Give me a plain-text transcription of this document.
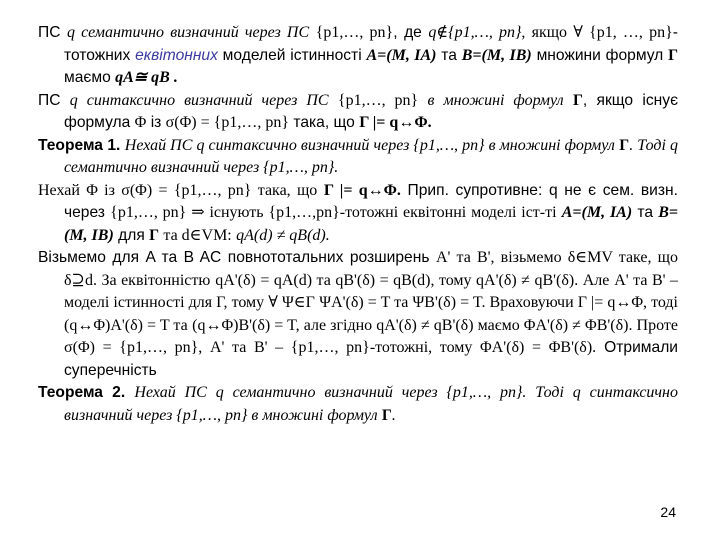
ПС q семантично визначний через ПС {p1,…, pn}, де q∉{p1,…, pn}, якщо ∀ {p1, …, pn}-тотожних еквітонних моделей істинності A=(M, IA) та B=(M, IB) множини формул Γ маємо qA≅ qB .

ПС q синтаксично визначний через ПС {p1,…, pn} в множині формул Γ, якщо існує формула Φ із σ(Φ) = {p1,…, pn} така, що Γ |= q↔Φ.

Теорема 1. Нехай ПС q синтаксично визначний через {p1,…, pn} в множині формул Γ. Тоді q семантично визначний через {p1,…, pn}.

Нехай Φ із σ(Φ) = {p1,…, pn} така, що Γ |= q↔Φ. Прип. супротивне: q не є сем. визн. через {p1,…, pn} ⇒ існують {p1,…,pn}-тотожні еквітонні моделі іст-ті A=(M, IA) та B=(M, IB) для Γ та d∈VM: qA(d) ≠ qB(d).

Візьмемо для A та B AC повнототальних розширень A' та B', візьмемо δ∈MV таке, що δ⊇d. За еквітонністю qA'(δ) = qA(d) та qB'(δ) = qB(d), тому qA'(δ) ≠ qB'(δ). Але A' та B' – моделі істинності для Γ, тому ∀ Ψ∈Γ ΨA'(δ) = T та ΨB'(δ) = T. Враховуючи Γ |= q↔Φ, тоді (q↔Φ)A'(δ) = T та (q↔Φ)B'(δ) = T, але згідно qA'(δ) ≠ qB'(δ) маємо ΦA'(δ) ≠ ΦB'(δ). Проте σ(Φ) = {p1,…, pn}, A' та B' – {p1,…, pn}-тотожні, тому ΦA'(δ) = ΦB'(δ). Отримали суперечність

Теорема 2. Нехай ПС q семантично визначний через {p1,…, pn}. Тоді q синтаксично визначний через {p1,…, pn} в множині формул Γ.

24
